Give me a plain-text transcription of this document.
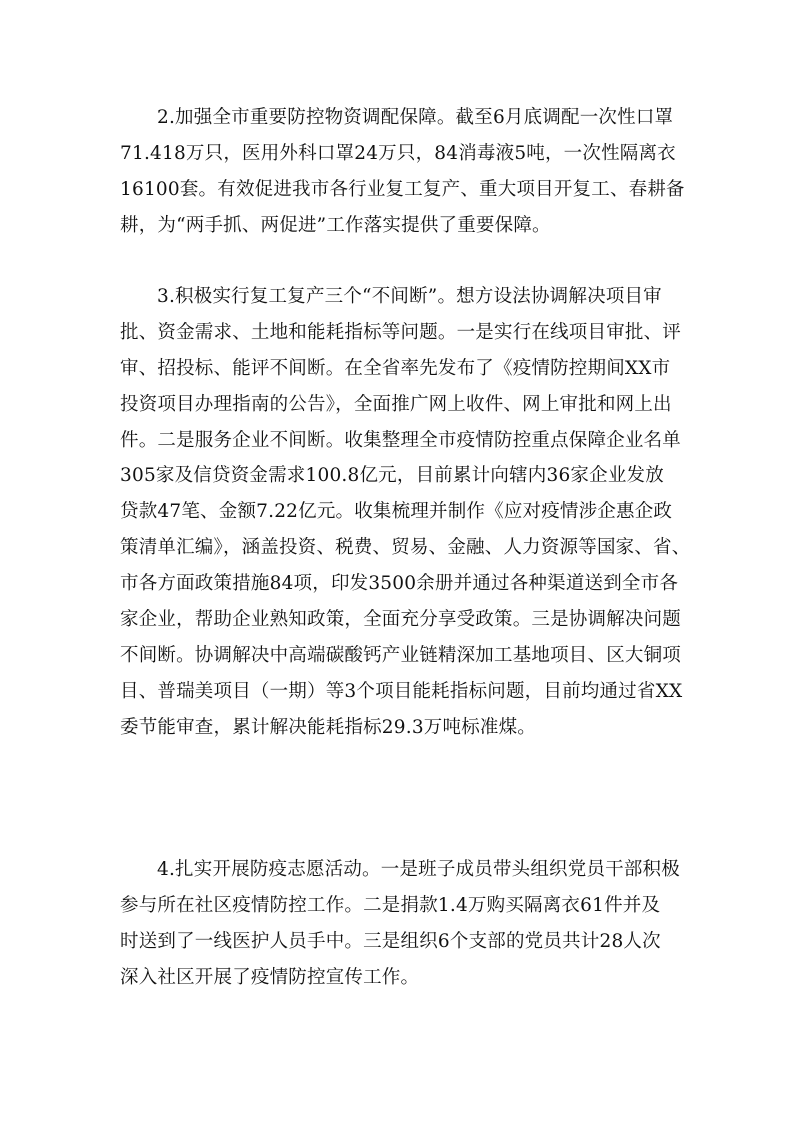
2.加强全市重要防控物资调配保障。截至6月底调配一次性口罩
71.418万只，医用外科口罩24万只，84消毒液5吨，一次性隔离衣
16100套。有效促进我市各行业复工复产、重大项目开复工、春耕备
耕，为“两手抓、两促进”工作落实提供了重要保障。
3.积极实行复工复产三个“不间断”。想方设法协调解决项目审
批、资金需求、土地和能耗指标等问题。一是实行在线项目审批、评
审、招投标、能评不间断。在全省率先发布了《疫情防控期间XX市
投资项目办理指南的公告》，全面推广网上收件、网上审批和网上出
件。二是服务企业不间断。收集整理全市疫情防控重点保障企业名单
305家及信贷资金需求100.8亿元，目前累计向辖内36家企业发放
贷款47笔、金额7.22亿元。收集梳理并制作《应对疫情涉企惠企政
策清单汇编》，涵盖投资、税费、贸易、金融、人力资源等国家、省、
市各方面政策措施84项，印发3500余册并通过各种渠道送到全市各
家企业，帮助企业熟知政策，全面充分享受政策。三是协调解决问题
不间断。协调解决中高端碳酸钙产业链精深加工基地项目、区大铜项
目、普瑞美项目（一期）等3个项目能耗指标问题，目前均通过省XX
委节能审查，累计解决能耗指标29.3万吨标准煤。
4.扎实开展防疫志愿活动。一是班子成员带头组织党员干部积极
参与所在社区疫情防控工作。二是捐款1.4万购买隔离衣61件并及
时送到了一线医护人员手中。三是组织6个支部的党员共计28人次
深入社区开展了疫情防控宣传工作。
